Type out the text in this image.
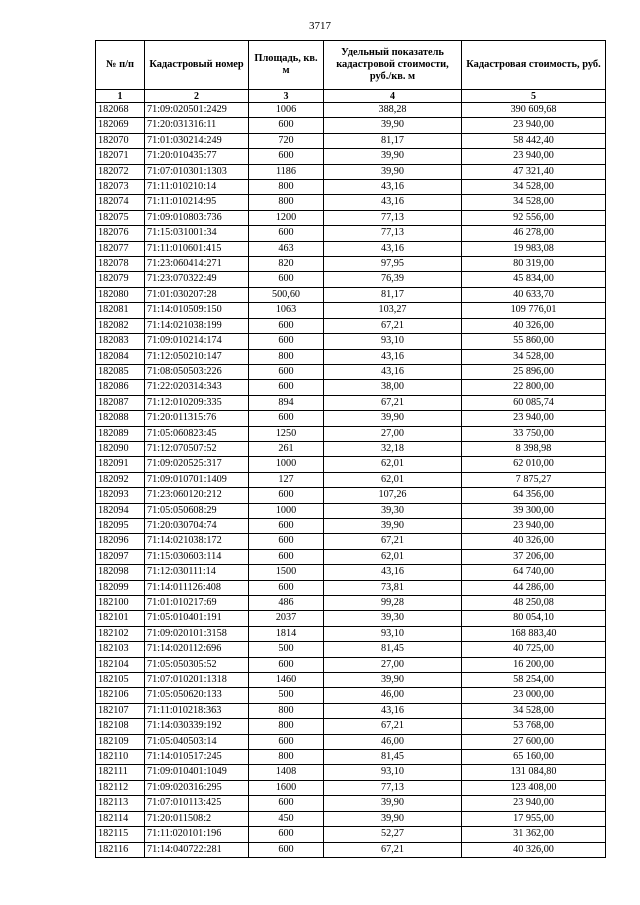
3717
№ п/п	Кадастровый номер	Площадь, кв. м	Удельный показатель кадастровой стоимости, руб./кв. м	Кадастровая стоимость, руб.
1	2	3	4	5
182068	71:09:020501:2429	1006	388,28	390 609,68
182069	71:20:031316:11	600	39,90	23 940,00
182070	71:01:030214:249	720	81,17	58 442,40
182071	71:20:010435:77	600	39,90	23 940,00
182072	71:07:010301:1303	1186	39,90	47 321,40
182073	71:11:010210:14	800	43,16	34 528,00
182074	71:11:010214:95	800	43,16	34 528,00
182075	71:09:010803:736	1200	77,13	92 556,00
182076	71:15:031001:34	600	77,13	46 278,00
182077	71:11:010601:415	463	43,16	19 983,08
182078	71:23:060414:271	820	97,95	80 319,00
182079	71:23:070322:49	600	76,39	45 834,00
182080	71:01:030207:28	500,60	81,17	40 633,70
182081	71:14:010509:150	1063	103,27	109 776,01
182082	71:14:021038:199	600	67,21	40 326,00
182083	71:09:010214:174	600	93,10	55 860,00
182084	71:12:050210:147	800	43,16	34 528,00
182085	71:08:050503:226	600	43,16	25 896,00
182086	71:22:020314:343	600	38,00	22 800,00
182087	71:12:010209:335	894	67,21	60 085,74
182088	71:20:011315:76	600	39,90	23 940,00
182089	71:05:060823:45	1250	27,00	33 750,00
182090	71:12:070507:52	261	32,18	8 398,98
182091	71:09:020525:317	1000	62,01	62 010,00
182092	71:09:010701:1409	127	62,01	7 875,27
182093	71:23:060120:212	600	107,26	64 356,00
182094	71:05:050608:29	1000	39,30	39 300,00
182095	71:20:030704:74	600	39,90	23 940,00
182096	71:14:021038:172	600	67,21	40 326,00
182097	71:15:030603:114	600	62,01	37 206,00
182098	71:12:030111:14	1500	43,16	64 740,00
182099	71:14:011126:408	600	73,81	44 286,00
182100	71:01:010217:69	486	99,28	48 250,08
182101	71:05:010401:191	2037	39,30	80 054,10
182102	71:09:020101:3158	1814	93,10	168 883,40
182103	71:14:020112:696	500	81,45	40 725,00
182104	71:05:050305:52	600	27,00	16 200,00
182105	71:07:010201:1318	1460	39,90	58 254,00
182106	71:05:050620:133	500	46,00	23 000,00
182107	71:11:010218:363	800	43,16	34 528,00
182108	71:14:030339:192	800	67,21	53 768,00
182109	71:05:040503:14	600	46,00	27 600,00
182110	71:14:010517:245	800	81,45	65 160,00
182111	71:09:010401:1049	1408	93,10	131 084,80
182112	71:09:020316:295	1600	77,13	123 408,00
182113	71:07:010113:425	600	39,90	23 940,00
182114	71:20:011508:2	450	39,90	17 955,00
182115	71:11:020101:196	600	52,27	31 362,00
182116	71:14:040722:281	600	67,21	40 326,00
